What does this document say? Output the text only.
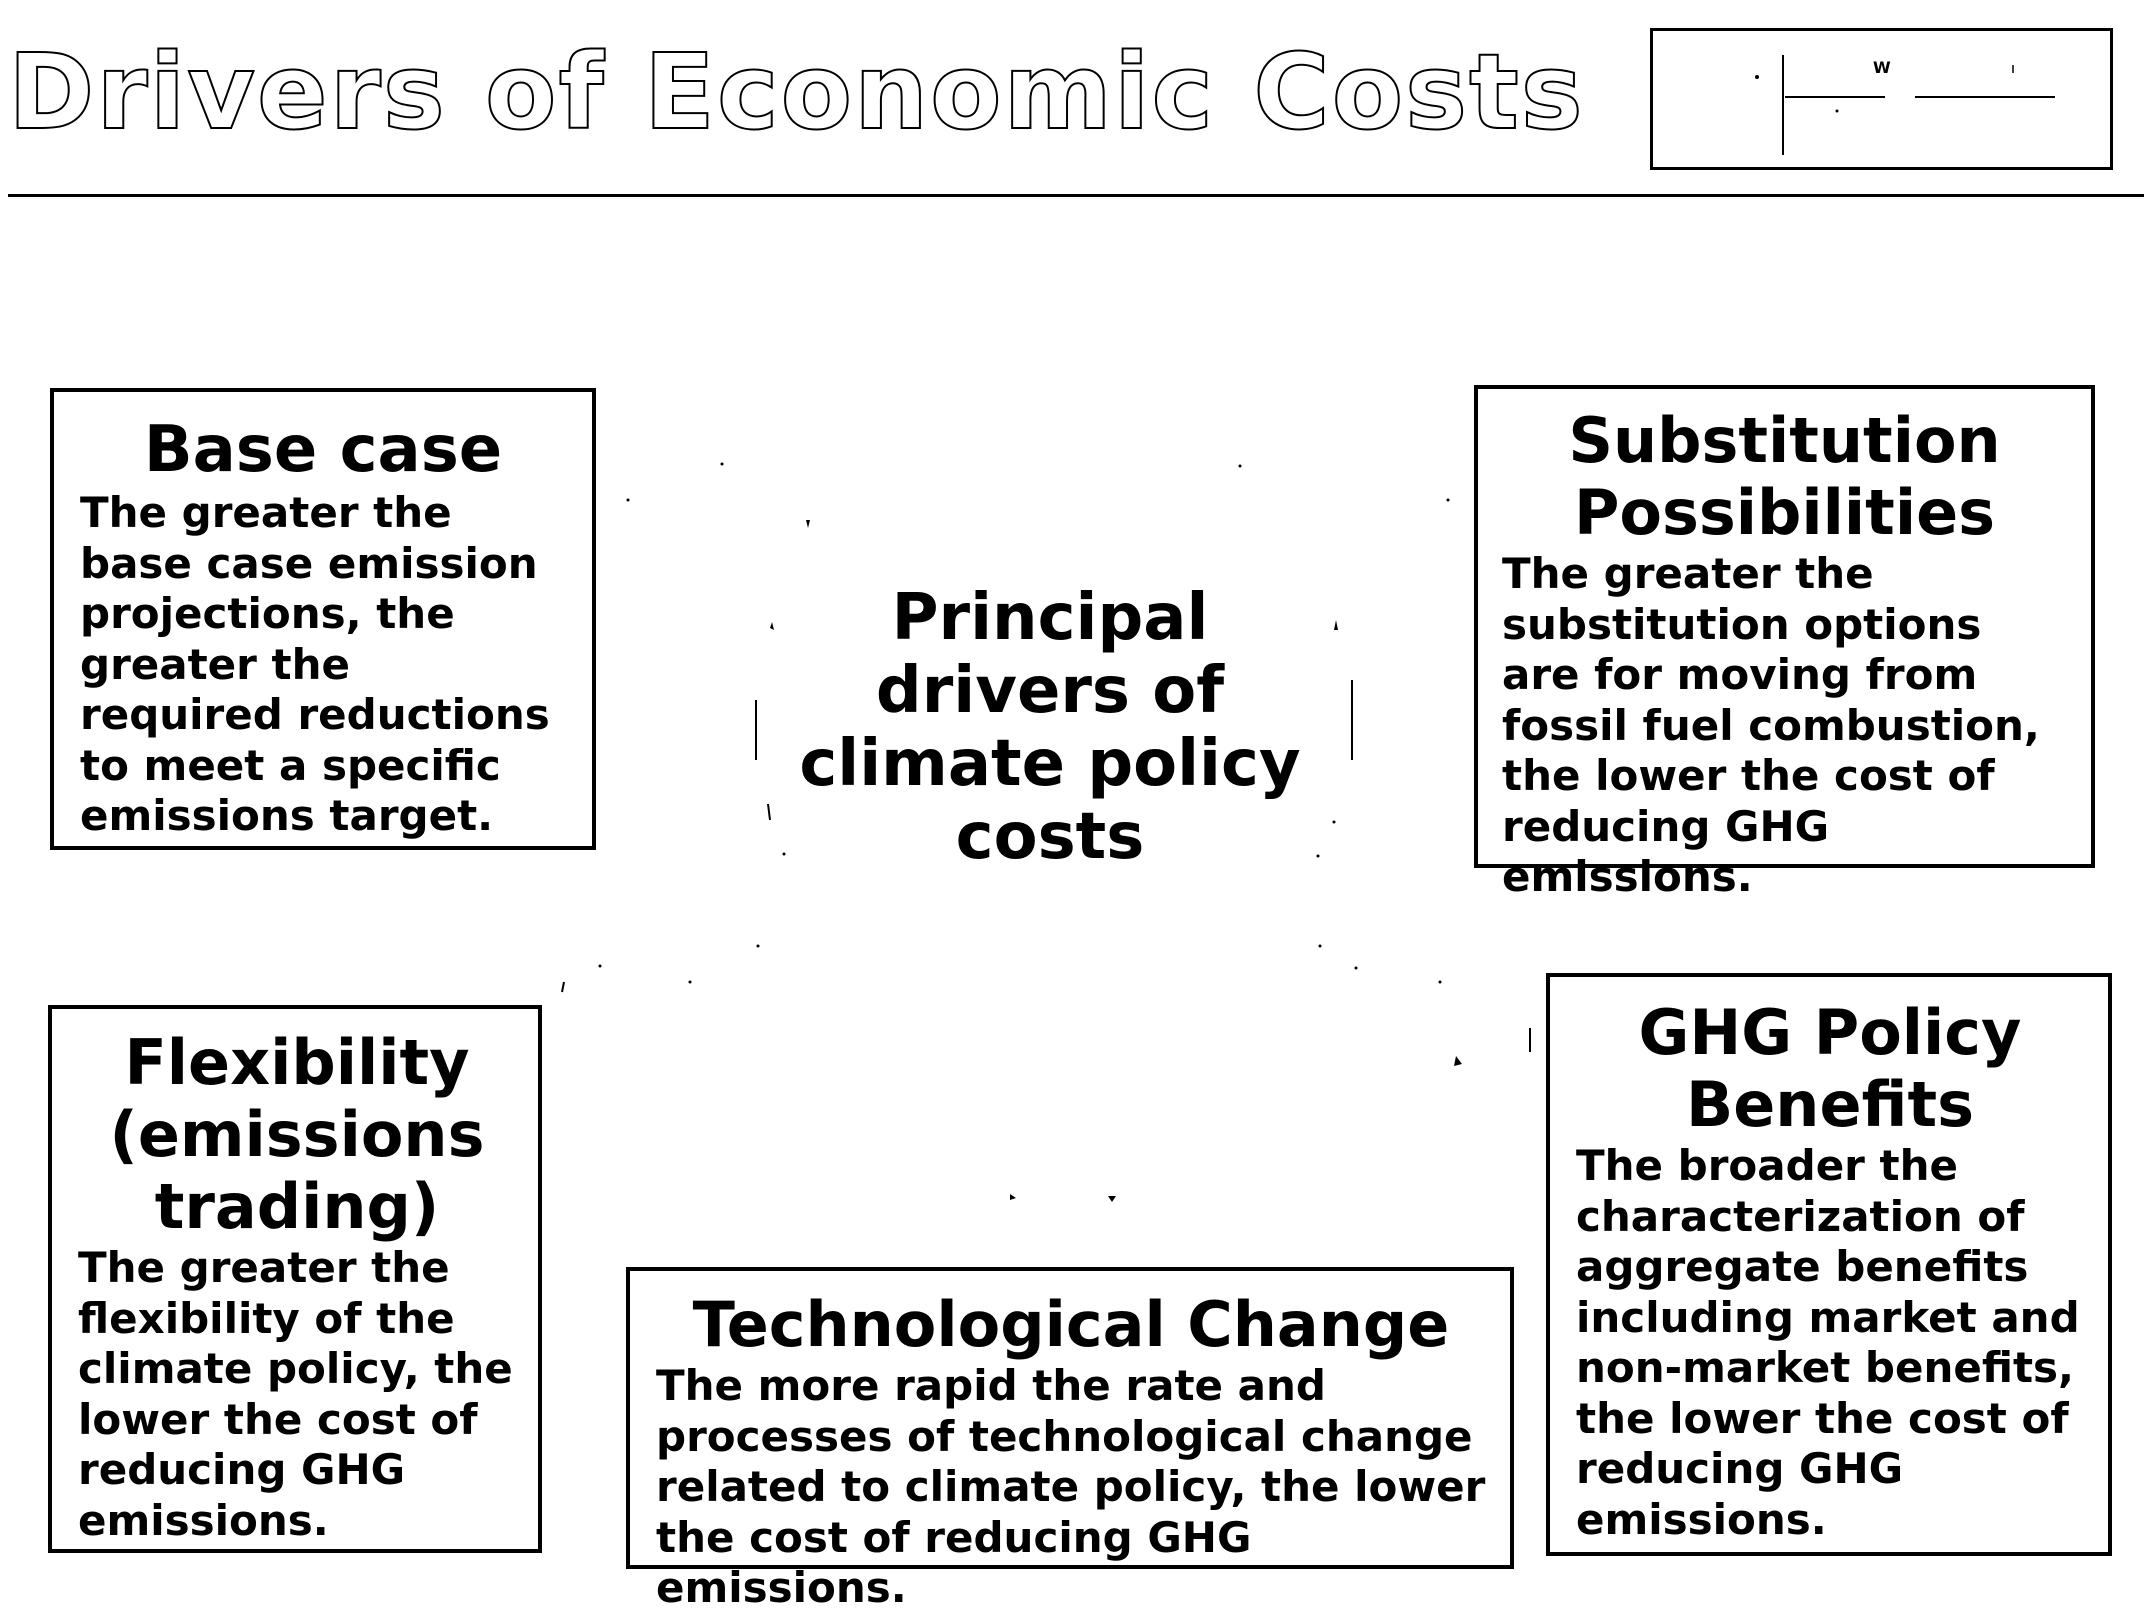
Drivers of Economic Costs	W
Principal drivers of climate policy costs
Base case

The greater the base case emission projections, the greater the required reductions to meet a specific emissions target.

Substitution Possibilities

The greater the substitution options are for moving from fossil fuel combustion, the lower the cost of reducing GHG emissions.

Flexibility (emissions trading)

The greater the flexibility of the climate policy, the lower the cost of reducing GHG emissions.

Technological Change

The more rapid the rate and processes of technological change related to climate policy, the lower the cost of reducing GHG emissions.

GHG Policy Benefits

The broader the characterization of aggregate benefits including market and non-market benefits, the lower the cost of reducing GHG emissions.
